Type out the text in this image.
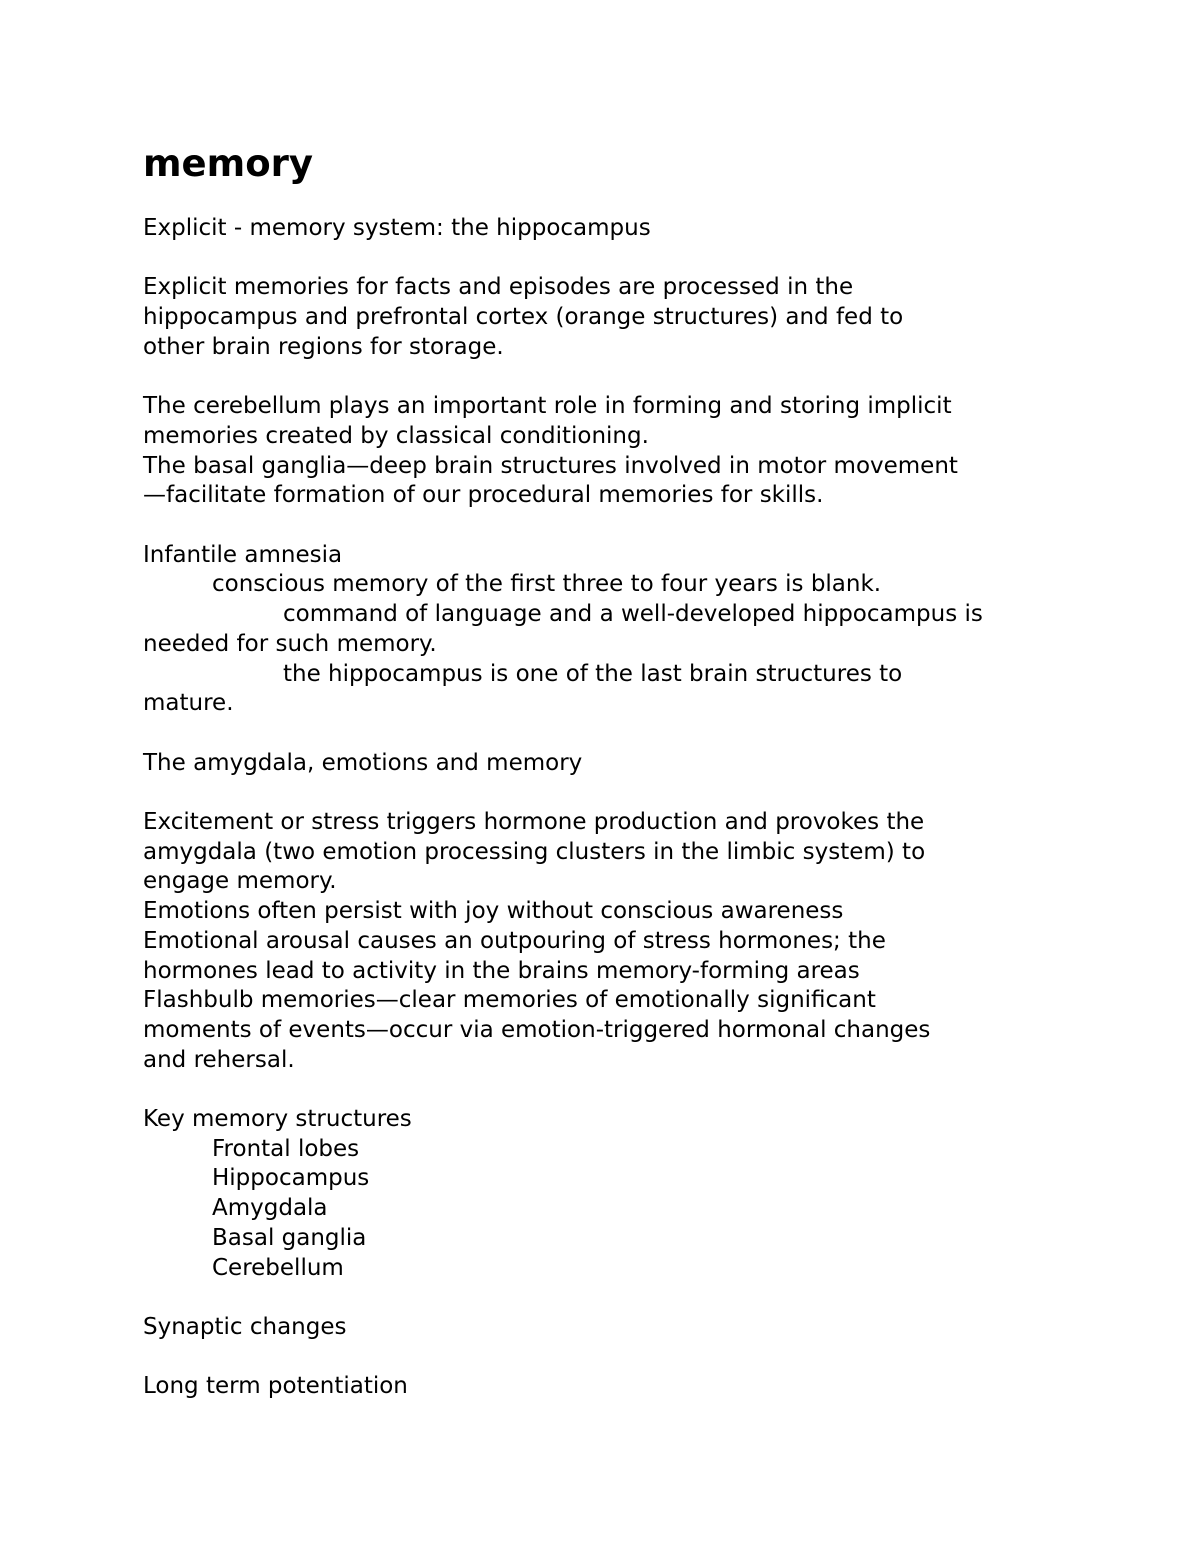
memory

Explicit - memory system: the hippocampus

Explicit memories for facts and episodes are processed in the

hippocampus and prefrontal cortex (orange structures) and fed to

other brain regions for storage.

The cerebellum plays an important role in forming and storing implicit

memories created by classical conditioning.

The basal ganglia—deep brain structures involved in motor movement

—facilitate formation of our procedural memories for skills.

Infantile amnesia

conscious memory of the first three to four years is blank.

command of language and a well-developed hippocampus is

needed for such memory.

the hippocampus is one of the last brain structures to

mature.

The amygdala, emotions and memory

Excitement or stress triggers hormone production and provokes the

amygdala (two emotion processing clusters in the limbic system) to

engage memory.

Emotions often persist with joy without conscious awareness

Emotional arousal causes an outpouring of stress hormones; the

hormones lead to activity in the brains memory-forming areas

Flashbulb memories—clear memories of emotionally significant

moments of events—occur via emotion-triggered hormonal changes

and rehersal.

Key memory structures

Frontal lobes

Hippocampus

Amygdala

Basal ganglia

Cerebellum

Synaptic changes

Long term potentiation
